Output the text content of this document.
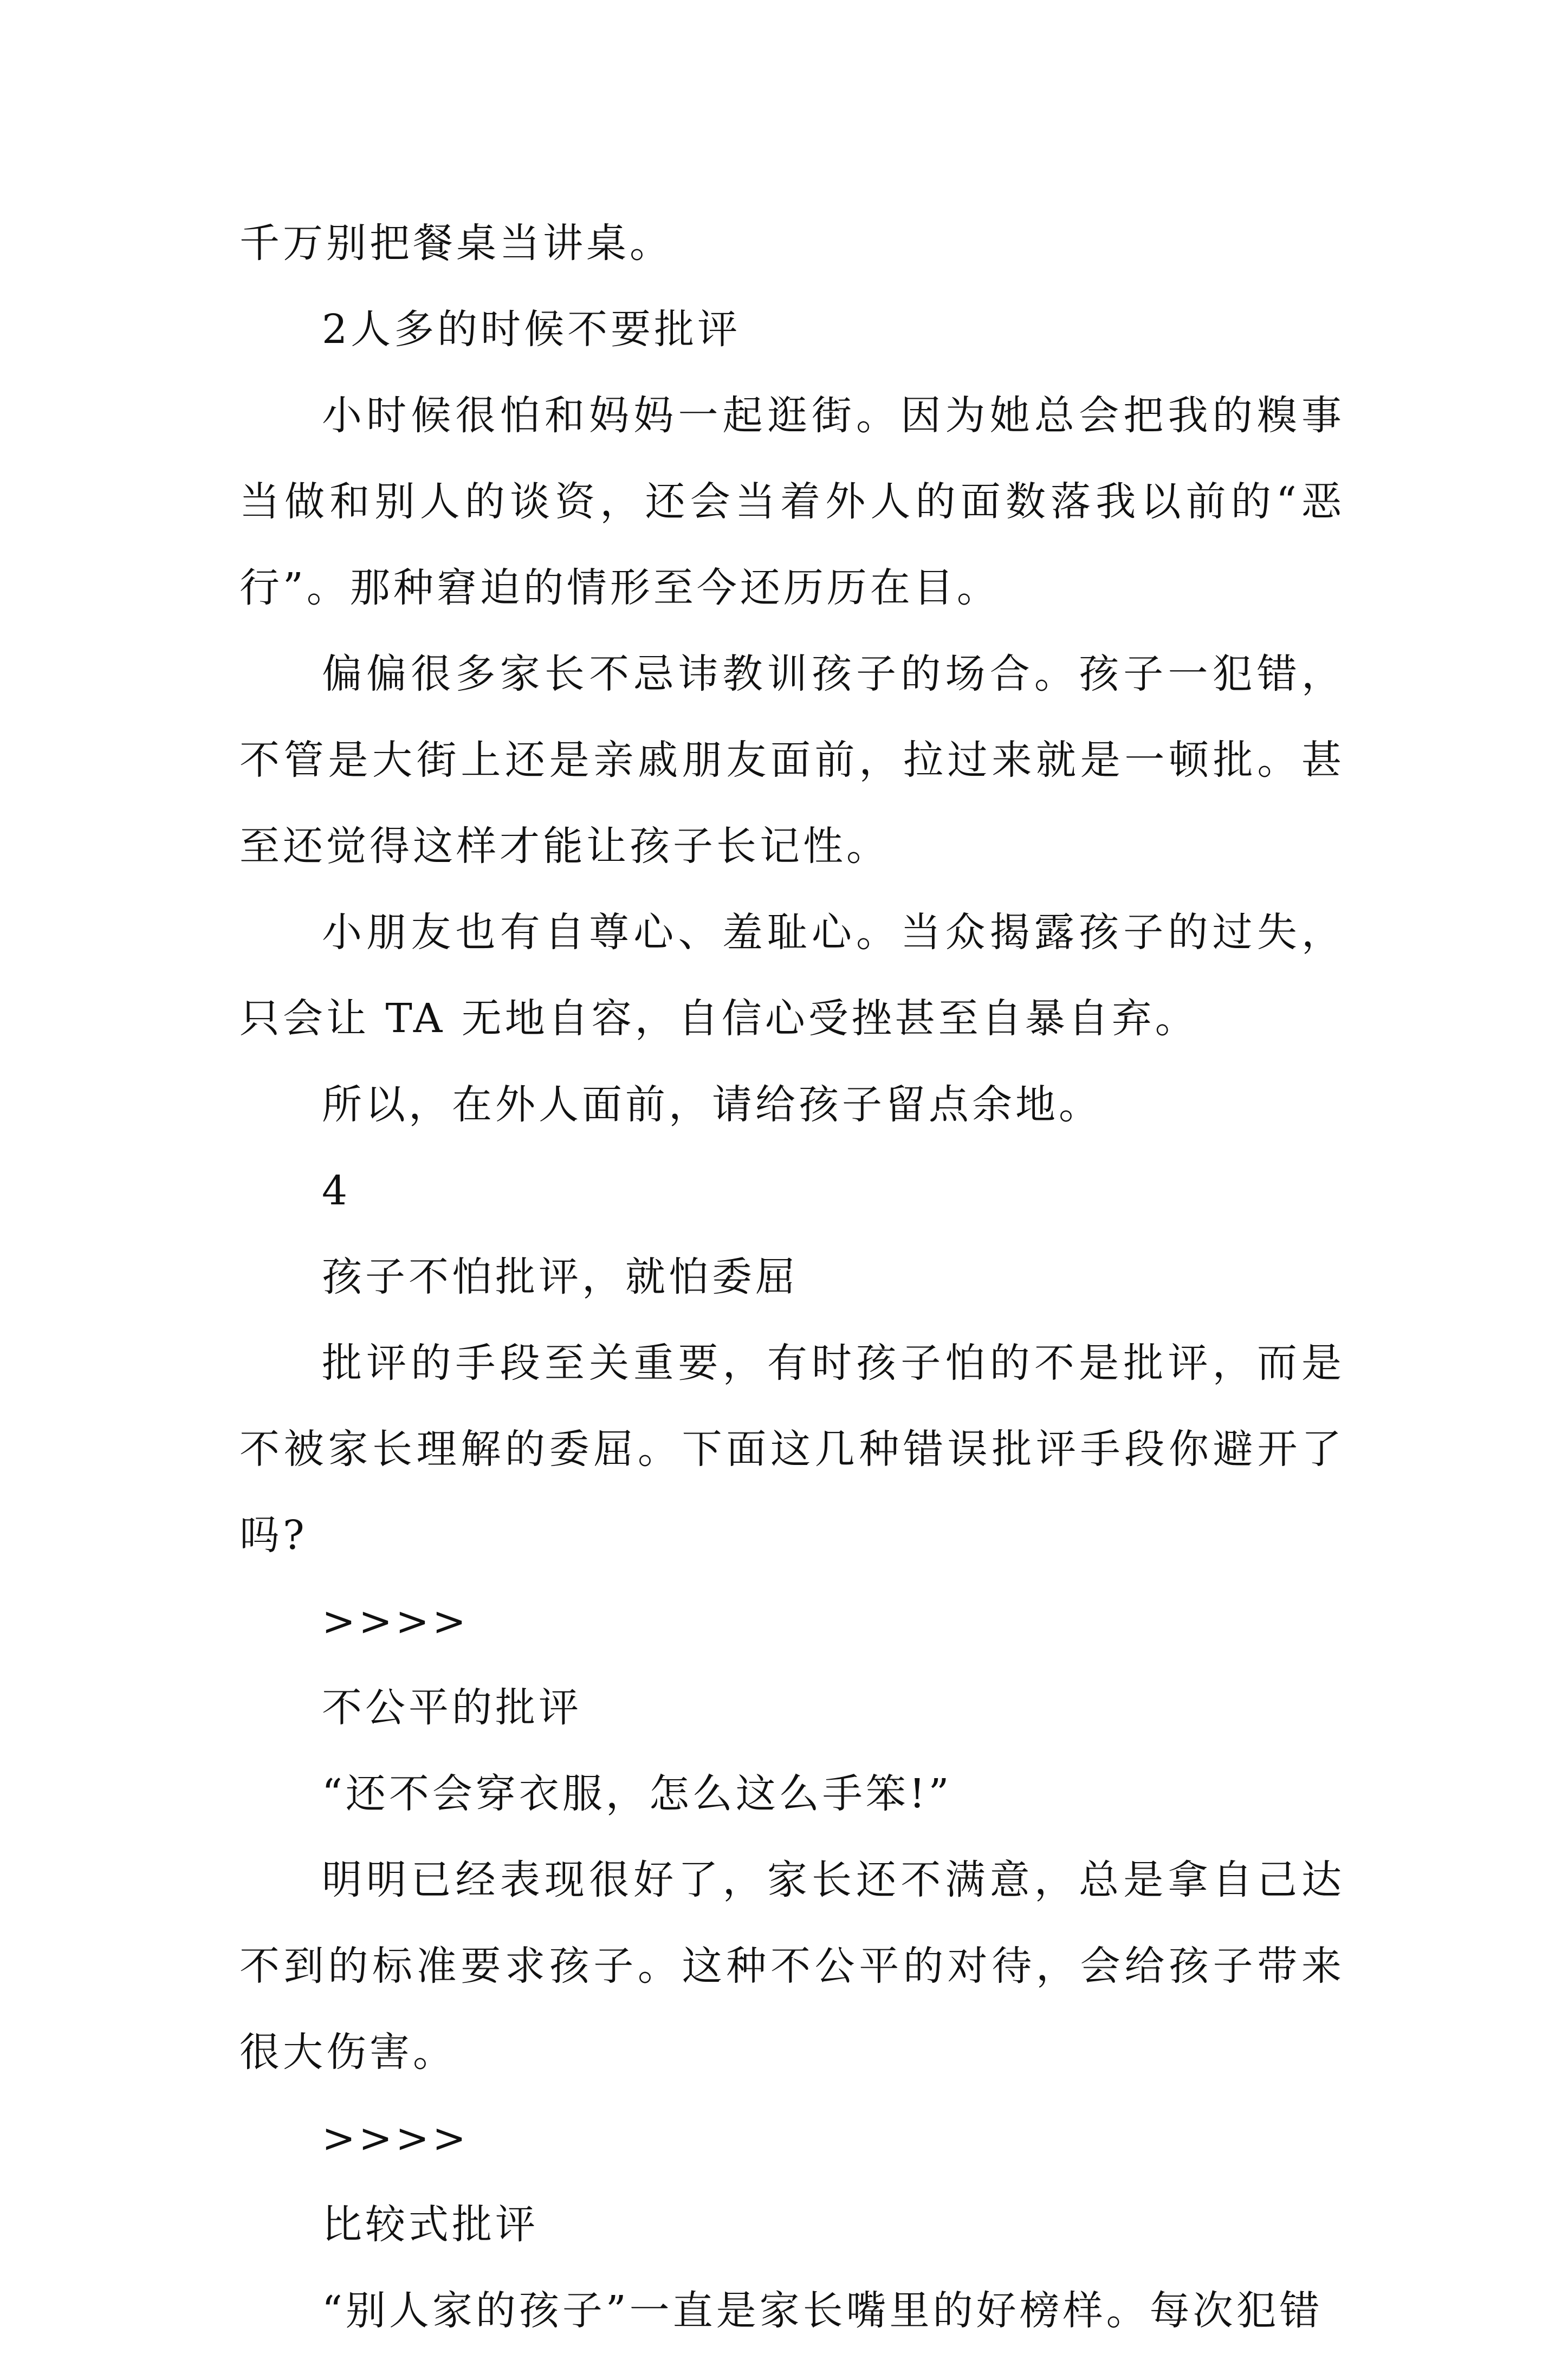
千万别把餐桌当讲桌。

2人多的时候不要批评

小时候很怕和妈妈一起逛街。因为她总会把我的糗事当做和别人的谈资，还会当着外人的面数落我以前的“恶行”。那种窘迫的情形至今还历历在目。

偏偏很多家长不忌讳教训孩子的场合。孩子一犯错，不管是大街上还是亲戚朋友面前，拉过来就是一顿批。甚至还觉得这样才能让孩子长记性。

小朋友也有自尊心、羞耻心。当众揭露孩子的过失，只会让 TA 无地自容，自信心受挫甚至自暴自弃。

所以，在外人面前，请给孩子留点余地。

4

孩子不怕批评，就怕委屈

批评的手段至关重要，有时孩子怕的不是批评，而是不被家长理解的委屈。下面这几种错误批评手段你避开了吗?

>>>>

不公平的批评

“还不会穿衣服，怎么这么手笨!”

明明已经表现很好了，家长还不满意，总是拿自己达不到的标准要求孩子。这种不公平的对待，会给孩子带来很大伤害。

>>>>

比较式批评

“别人家的孩子”一直是家长嘴里的好榜样。每次犯错
